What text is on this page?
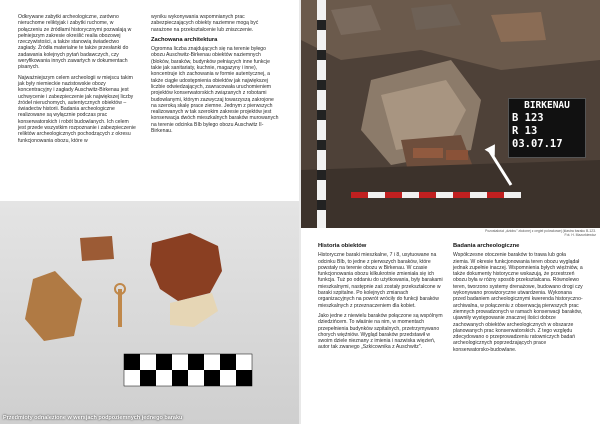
Odkrywane zabytki archeologiczne, zarówno nieruchome reliktyjak i zabytki ruchome, w połączeniu ze źródłami historycznymi pozwalają w pełniejszym zakresie określić realia obozowej rzeczywistości, a także stanowią świadectwo zagłady. Źródła materialne te także przesłanki do zadawania kolejnych pytań badawczych, czy weryfikowania innych zawartych w dokumentach pisanych.

Najważniejszym celem archeologii w miejscu takim jak były niemieckie nazistowskie obozy koncentracyjny i zagłady Auschwitz-Birkenau jest uchwycenie i zabezpieczenie jak największej liczby źródeł nieruchomych, autentycznych obiektów – świadectw historii. Badania archeologiczne realizowane są wyłącznie podczas prac konserwatorskich i robót budowlanych. Ich celem jest przede wszystkim rozpoznanie i zabezpieczenie reliktów archeologicznych pochodzących z okresu funkcjonowania obozu, które w

wyniku wykonywania wspomnianych prac zabezpieczających obiekty naziemne mogą być narażone na przekształcenie lub zniszczenie.

Zachowana architektura

Ogromna liczba znajdujących się na terenie byłego obozu Auschwitz-Birkenau obiektów naziemnych (bloków, baraków, budynków pełniących inne funkcje takie jak sanitariaty, kuchnie, magazyny i inne), koncentruje ich zachowania w formie autentycznej, a także ciągłe udostępnienia obiektów jak największej liczbie odwiedzających, zawracowała uruchomieniem projektów konserwatorskich związanych z robotami budowlanymi, którym zazwyczaj towarzyszą zakrojone na szeroką skalę prace ziemne. Jednym z pierwszych realizowanych w tak szerokim zakresie projektów jest konserwacja dwóch mieszkalnych baraków murowanych na terenie odcinka BIb byłego obozu Auschwitz II-Birkenau.

Przedmioty odnalezione w wersjach podpoziemnych jednego baraku
BIRKENAU
B 123
R 13
03.07.17
Pozostałości „dziobu" złożonej z cegieł polowkowej (klastra baraku B-123.
Fot. H. Mazurkiewicz
Historia obiektów

Historyczne baraki mieszkalne, 7 i 8, usytuowane na odcinku BIb, to jedne z pierwszych baraków, które powstały na terenie obozu w Birkenau. W czasie funkcjonowania obozu kilkukrotnie zmieniała się ich funkcja. Tuż po oddaniu do użytkowania, były barakami mieszkalnymi, następnie zaś zostały przekształcone w baraki szpitalne. Po kolejnych zmianach organizacyjnych na powrót wróciły do funkcji baraków mieszkalnych z przeznaczeniem dla kobiet.

Jako jedne z niewielu baraków połączone są wspólnym dziedzińcem. To właśnie na nim, w momentach przepełnienia budynków szpitalnych, przetrzymywano chorych więźniów. Wygląd baraków przedstawił w swoim dziele nieznany z imienia i nazwiska więzień, autor tak zwanego „Szkicownika z Auschwitz".

Badania archeologiczne

Współczesne otoczenie baraków to trawa lub goła ziemia. W okresie funkcjonowania teren obozu wyglądał jednak zupełnie inaczej. Wspomnienia byłych więźniów, a także dokumenty historyczne wskazują, że przestrzeń obozu była w różny sposób przekształcana. Równolewo teren, tworzono systemy drenażowe, budowano drogi czy wykonywano prowizoryczne utwardzenia. Wykonana przed badaniem archeologicznymi kwerenda historyczno-archiwalna, w połączeniu z obserwacją pierwszych prac ziemnych prowadzonych w ramach konserwacji baraków, ujawniły występowanie znacznej ilości dobrze zachowanych obiektów archeologicznych w obszarze planowanych prac konserwatorskich. Z tego względu zdecydowano o przeprowadzeniu ratowniczych badań archeologicznych poprzedzających prace konserwatorsko-budowlane.
